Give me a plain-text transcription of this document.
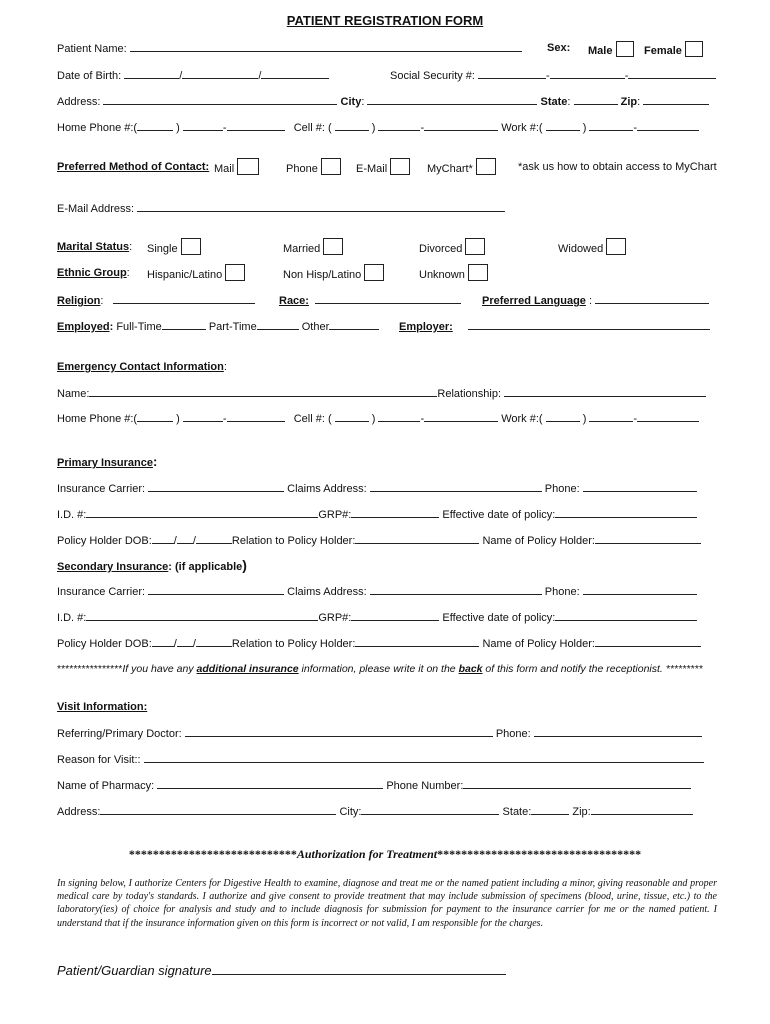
PATIENT REGISTRATION FORM
Patient Name:	Sex: Male	Female
Date of Birth:	/	/	Social Security #:	-	-
Address:	City:	State:	Zip:
Home Phone #:(	)	-	Cell #: (	)	-	Work #:(	)	-
Preferred Method of Contact: Mail	Phone	E-Mail	MyChart*	*ask us how to obtain access to MyChart
E-Mail Address:
Marital Status: Single	Married	Divorced	Widowed
Ethnic Group: Hispanic/Latino	Non Hisp/Latino	Unknown
Religion:	Race:	Preferred Language :
Employed: Full-Time	Part-Time	Other	Employer:
Emergency Contact Information:
Name:	Relationship:
Home Phone #:(	)	-	Cell #: (	)	-	Work #:(	)	-
Primary Insurance:
Insurance Carrier:	Claims Address:	Phone:
I.D. #:	GRP#:	Effective date of policy:
Policy Holder DOB: / /	Relation to Policy Holder:	Name of Policy Holder:
Secondary Insurance: (if applicable)
Insurance Carrier:	Claims Address:	Phone:
I.D. #:	GRP#:	Effective date of policy:
Policy Holder DOB: / /	Relation to Policy Holder:	Name of Policy Holder:
****************If you have any additional insurance information, please write it on the back of this form and notify the receptionist. *********
Visit Information:
Referring/Primary Doctor:	Phone:
Reason for Visit::
Name of Pharmacy:	Phone Number:
Address:	City:	State:	Zip:
****************************Authorization for Treatment**********************************
In signing below, I authorize Centers for Digestive Health to examine, diagnose and treat me or the named patient including a minor, giving reasonable and proper medical care by today's standards. I authorize and give consent to provide treatment that may include submission of specimens (blood, urine, tissue, etc.) to the laboratory(ies) of choice for analysis and study and to include diagnosis for submission for payment to the insurance carrier for me or the named patient. I understand that if the insurance information given on this form is incorrect or not valid, I am responsible for the charges.
Patient/Guardian signature
